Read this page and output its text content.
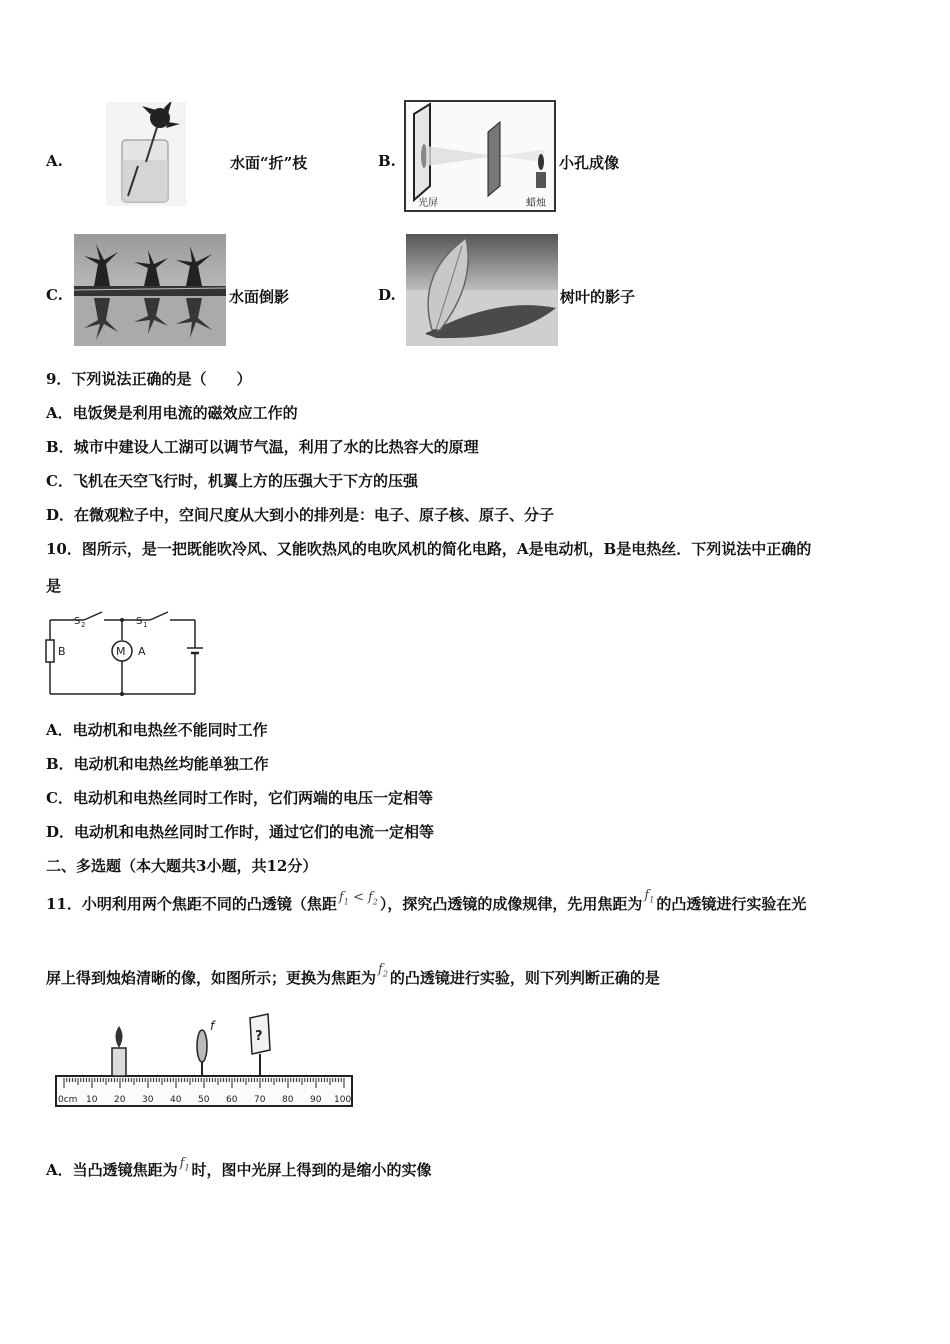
A.	水面“折”枝	B.
光屏	蜡烛
小孔成像
C.	水面倒影	D.	树叶的影子
9．下列说法正确的是（　　）
A．电饭煲是利用电流的磁效应工作的
B．城市中建设人工湖可以调节气温，利用了水的比热容大的原理
C．飞机在天空飞行时，机翼上方的压强大于下方的压强
D．在微观粒子中，空间尺度从大到小的排列是：电子、原子核、原子、分子
10．图所示，是一把既能吹冷风、又能吹热风的电吹风机的简化电路，A是电动机，B是电热丝．下列说法中正确的
是
S 2	S 1
B	M A
A．电动机和电热丝不能同时工作
B．电动机和电热丝均能单独工作
C．电动机和电热丝同时工作时，它们两端的电压一定相等
D．电动机和电热丝同时工作时，通过它们的电流一定相等
二、多选题（本大题共3小题，共12分）
11．小明利用两个焦距不同的凸透镜（焦距 $f_1 < f_2$ ），探究凸透镜的成像规律，先用焦距为 $f_1$ 的凸透镜进行实验在光
屏上得到烛焰清晰的像，如图所示；更换为焦距为 $f_2$ 的凸透镜进行实验，则下列判断正确的是
0cm 10 20 30 40 50 60 70 80 90 100
f
?
A．当凸透镜焦距为 $f_1$ 时，图中光屏上得到的是缩小的实像
